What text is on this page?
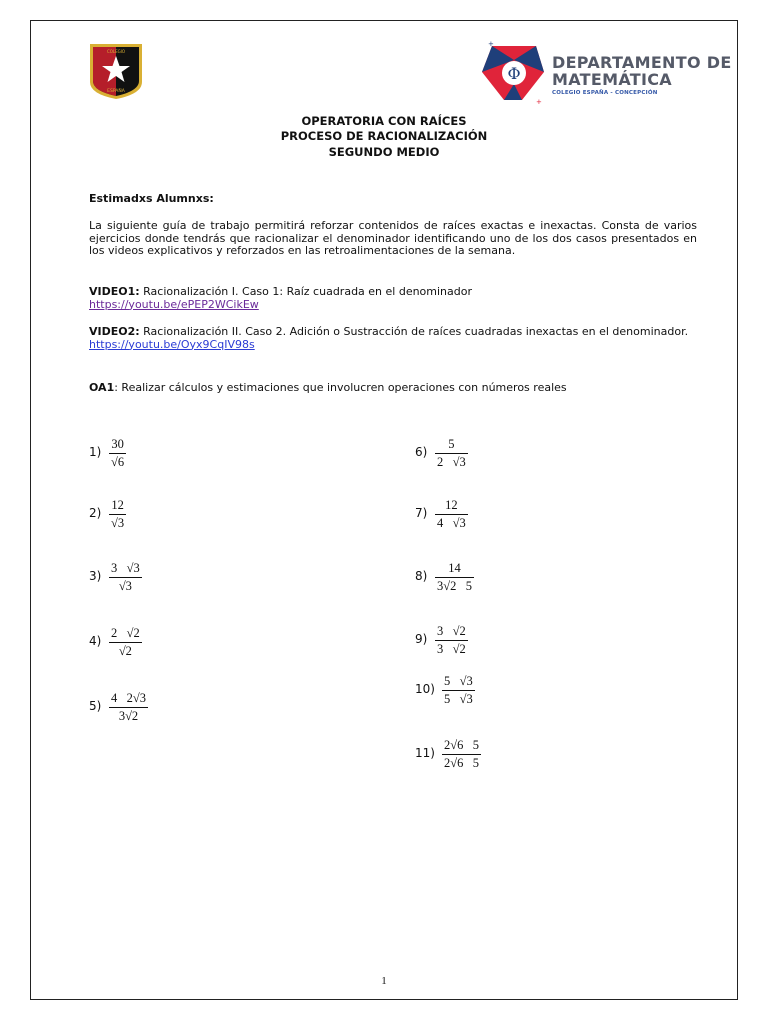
COLEGIO
ESPAÑA
Φ
+
+
DEPARTAMENTO DE
MATEMÁTICA
COLEGIO ESPAÑA - CONCEPCIÓN
OPERATORIA CON RAÍCES
PROCESO DE RACIONALIZACIÓN
SEGUNDO MEDIO
Estimadxs Alumnxs:
La siguiente guía de trabajo permitirá reforzar contenidos de raíces exactas e inexactas. Consta de varios ejercicios donde tendrás que racionalizar el denominador identificando uno de los dos casos presentados en los videos explicativos y reforzados en las retroalimentaciones de la semana.
VIDEO1: Racionalización I. Caso 1: Raíz cuadrada en el denominador
https://youtu.be/ePEP2WCikEw
VIDEO2: Racionalización II. Caso 2. Adición o Sustracción de raíces cuadradas inexactas en el denominador.
https://youtu.be/Oyx9CqIV98s
OA1: Realizar cálculos y estimaciones que involucren operaciones con números reales
1)
30
√6
2)
12
√3
3)
3   √3
√3
4)
2   √2
√2
5)
4   2√3
3√2
6)
5
2   √3
7)
12
4   √3
8)
14
3√2   5
9)
3   √2
3   √2
10)
5   √3
5   √3
11)
2√6   5
2√6   5
1
